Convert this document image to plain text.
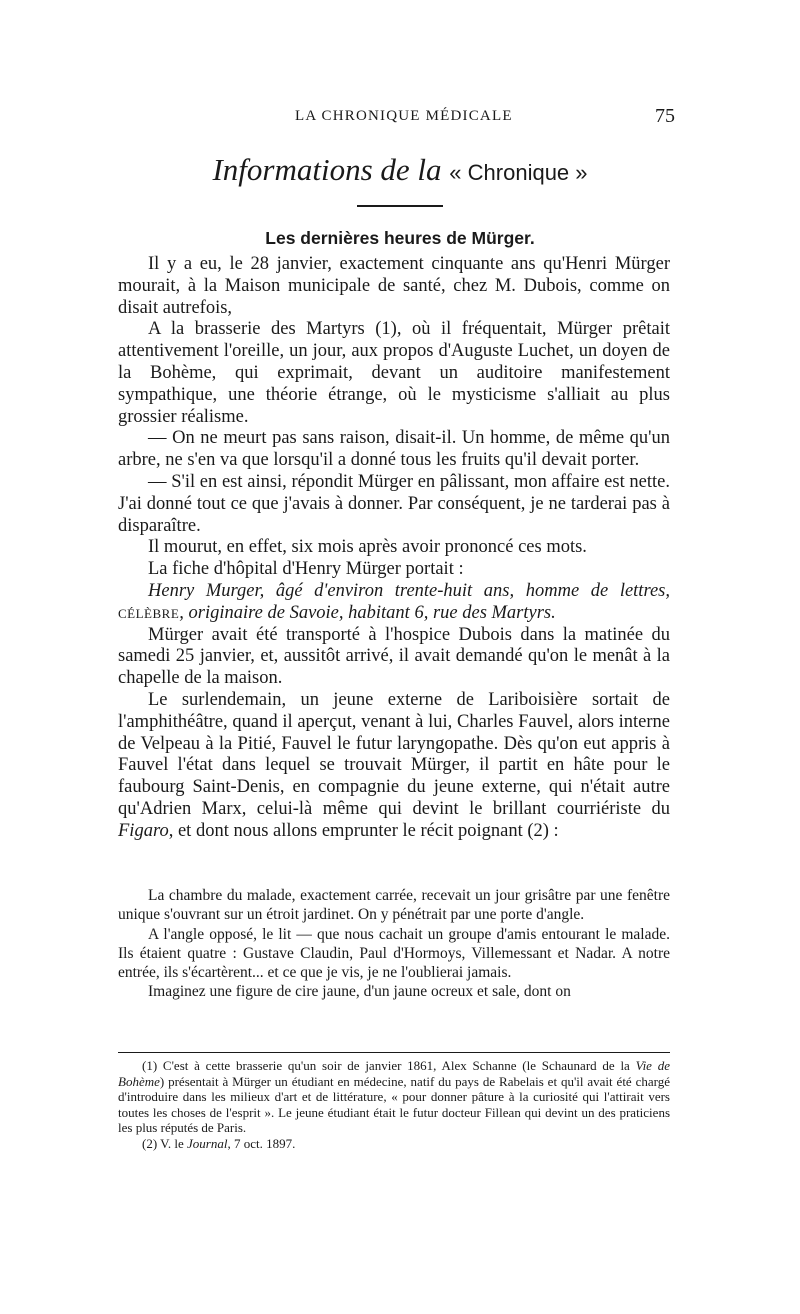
LA CHRONIQUE MÉDICALE	75
Informations de la « Chronique »
Les dernières heures de Mürger.

Il y a eu, le 28 janvier, exactement cinquante ans qu'Henri Mürger mourait, à la Maison municipale de santé, chez M. Dubois, comme on disait autrefois,

A la brasserie des Martyrs (1), où il fréquentait, Mürger prêtait attentivement l'oreille, un jour, aux propos d'Auguste Luchet, un doyen de la Bohème, qui exprimait, devant un auditoire manifestement sympathique, une théorie étrange, où le mysticisme s'alliait au plus grossier réalisme.

— On ne meurt pas sans raison, disait-il. Un homme, de même qu'un arbre, ne s'en va que lorsqu'il a donné tous les fruits qu'il devait porter.

— S'il en est ainsi, répondit Mürger en pâlissant, mon affaire est nette. J'ai donné tout ce que j'avais à donner. Par conséquent, je ne tarderai pas à disparaître.

Il mourut, en effet, six mois après avoir prononcé ces mots.

La fiche d'hôpital d'Henry Mürger portait :

Henry Murger, âgé d'environ trente-huit ans, homme de lettres, célèbre, originaire de Savoie, habitant 6, rue des Martyrs.

Mürger avait été transporté à l'hospice Dubois dans la matinée du samedi 25 janvier, et, aussitôt arrivé, il avait demandé qu'on le menât à la chapelle de la maison.

Le surlendemain, un jeune externe de Lariboisière sortait de l'amphithéâtre, quand il aperçut, venant à lui, Charles Fauvel, alors interne de Velpeau à la Pitié, Fauvel le futur laryngopathe. Dès qu'on eut appris à Fauvel l'état dans lequel se trouvait Mürger, il partit en hâte pour le faubourg Saint-Denis, en compagnie du jeune externe, qui n'était autre qu'Adrien Marx, celui-là même qui devint le brillant courriériste du Figaro, et dont nous allons emprunter le récit poignant (2) :

La chambre du malade, exactement carrée, recevait un jour grisâtre par une fenêtre unique s'ouvrant sur un étroit jardinet. On y pénétrait par une porte d'angle.

A l'angle opposé, le lit — que nous cachait un groupe d'amis entourant le malade. Ils étaient quatre : Gustave Claudin, Paul d'Hormoys, Villemessant et Nadar. A notre entrée, ils s'écartèrent... et ce que je vis, je ne l'oublierai jamais.

Imaginez une figure de cire jaune, d'un jaune ocreux et sale, dont on

(1) C'est à cette brasserie qu'un soir de janvier 1861, Alex Schanne (le Schaunard de la Vie de Bohème) présentait à Mürger un étudiant en médecine, natif du pays de Rabelais et qu'il avait été chargé d'introduire dans les milieux d'art et de littérature, « pour donner pâture à la curiosité qui l'attirait vers toutes les choses de l'esprit ». Le jeune étudiant était le futur docteur Fillean qui devint un des praticiens les plus réputés de Paris.

(2) V. le Journal, 7 oct. 1897.
